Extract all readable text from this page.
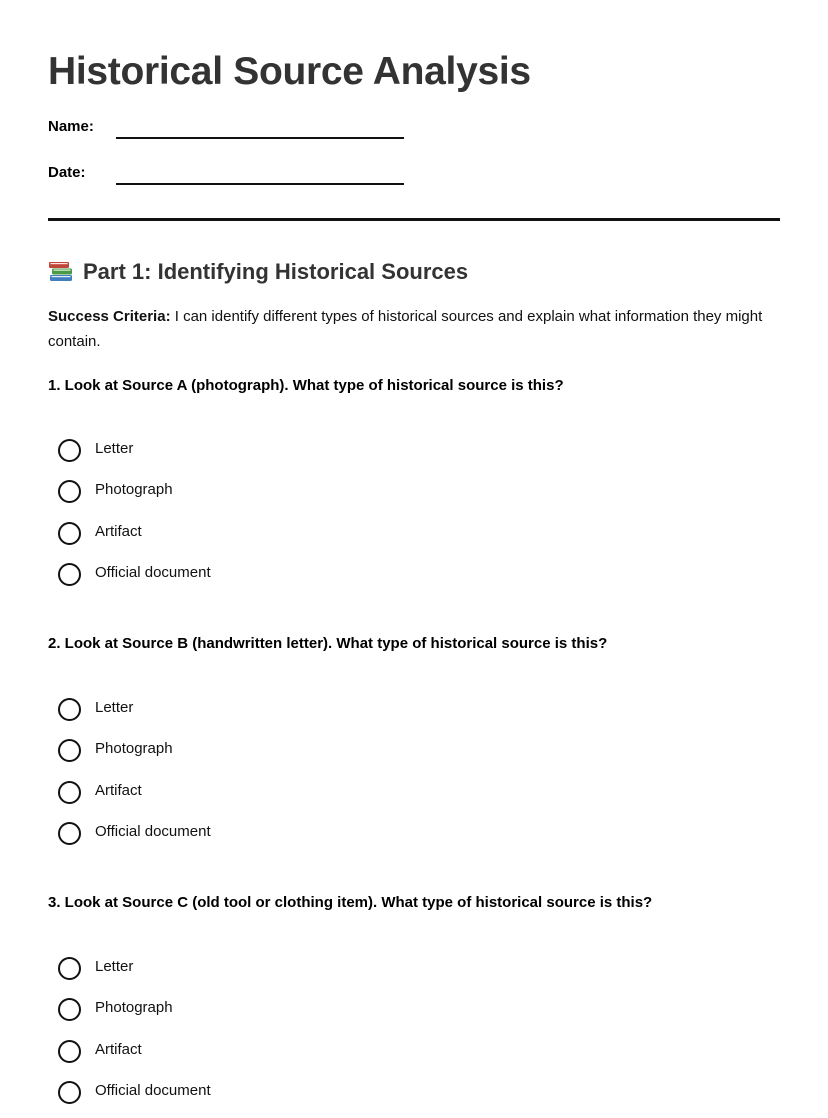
Historical Source Analysis
Name:
Date:
Part 1: Identifying Historical Sources

Success Criteria: I can identify different types of historical sources and explain what information they might contain.

1. Look at Source A (photograph). What type of historical source is this?

Letter
Photograph
Artifact
Official document

2. Look at Source B (handwritten letter). What type of historical source is this?

Letter
Photograph
Artifact
Official document

3. Look at Source C (old tool or clothing item). What type of historical source is this?

Letter
Photograph
Artifact
Official document
